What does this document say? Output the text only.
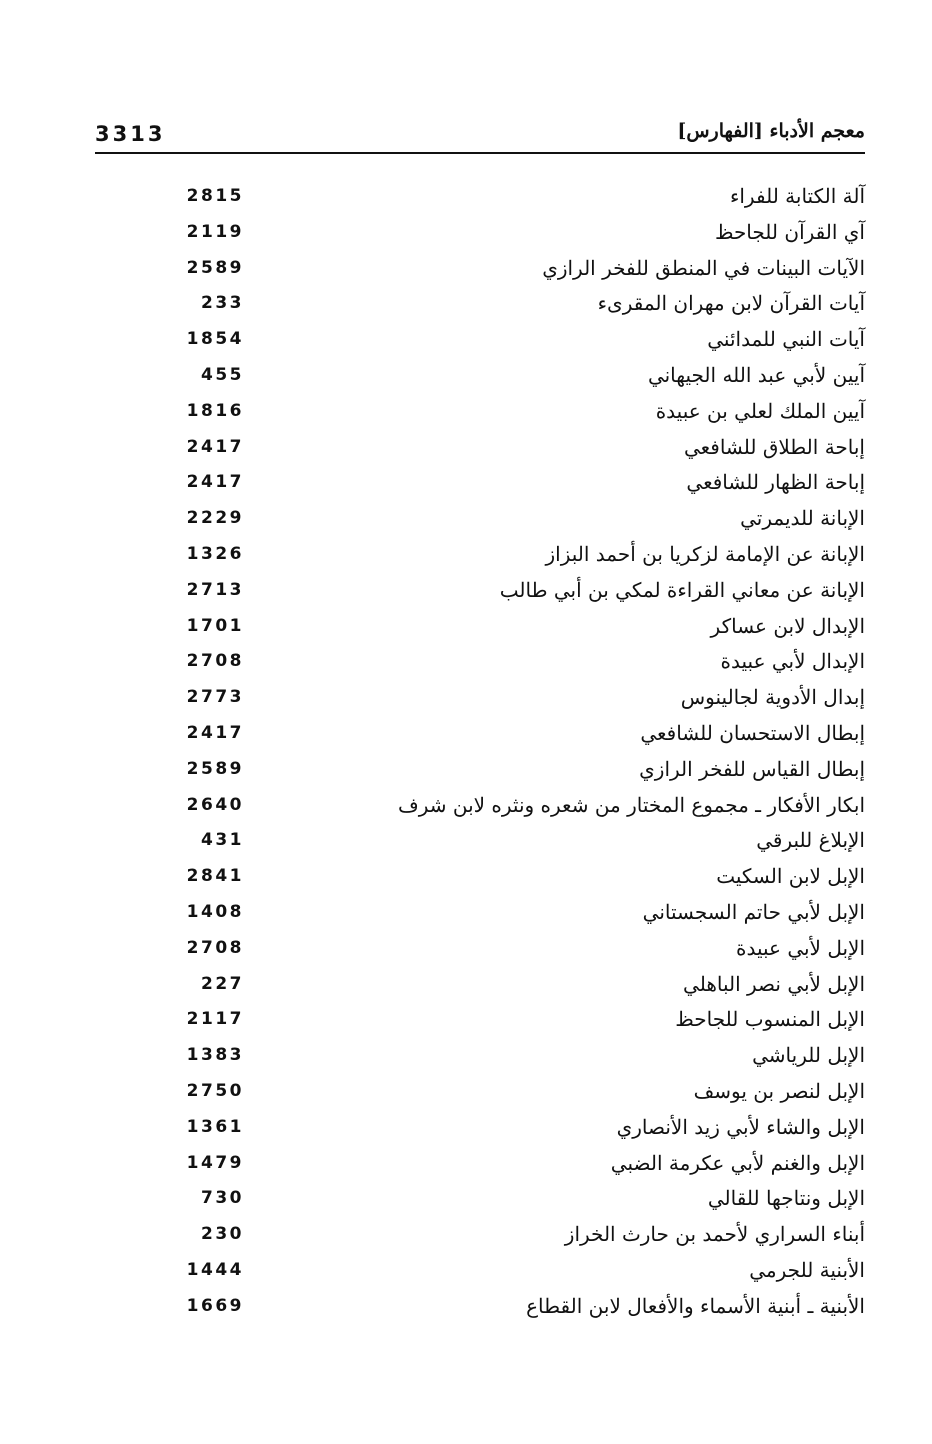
3313	معجم الأدباء [الفهارس]
آلة الكتابة للفراء
2815
آي القرآن للجاحظ
2119
الآيات البينات في المنطق للفخر الرازي
2589
آيات القرآن لابن مهران المقرىء
233
آيات النبي للمدائني
1854
آيين لأبي عبد الله الجيهاني
455
آيين الملك لعلي بن عبيدة
1816
إباحة الطلاق للشافعي
2417
إباحة الظهار للشافعي
2417
الإبانة للديمرتي
2229
الإبانة عن الإمامة لزكريا بن أحمد البزاز
1326
الإبانة عن معاني القراءة لمكي بن أبي طالب
2713
الإبدال لابن عساكر
1701
الإبدال لأبي عبيدة
2708
إبدال الأدوية لجالينوس
2773
إبطال الاستحسان للشافعي
2417
إبطال القياس للفخر الرازي
2589
ابكار الأفكار ـ مجموع المختار من شعره ونثره لابن شرف
2640
الإبلاغ للبرقي
431
الإبل لابن السكيت
2841
الإبل لأبي حاتم السجستاني
1408
الإبل لأبي عبيدة
2708
الإبل لأبي نصر الباهلي
227
الإبل المنسوب للجاحظ
2117
الإبل للرياشي
1383
الإبل لنصر بن يوسف
2750
الإبل والشاء لأبي زيد الأنصاري
1361
الإبل والغنم لأبي عكرمة الضبي
1479
الإبل ونتاجها للقالي
730
أبناء السراري لأحمد بن حارث الخراز
230
الأبنية للجرمي
1444
الأبنية ـ أبنية الأسماء والأفعال لابن القطاع
1669
